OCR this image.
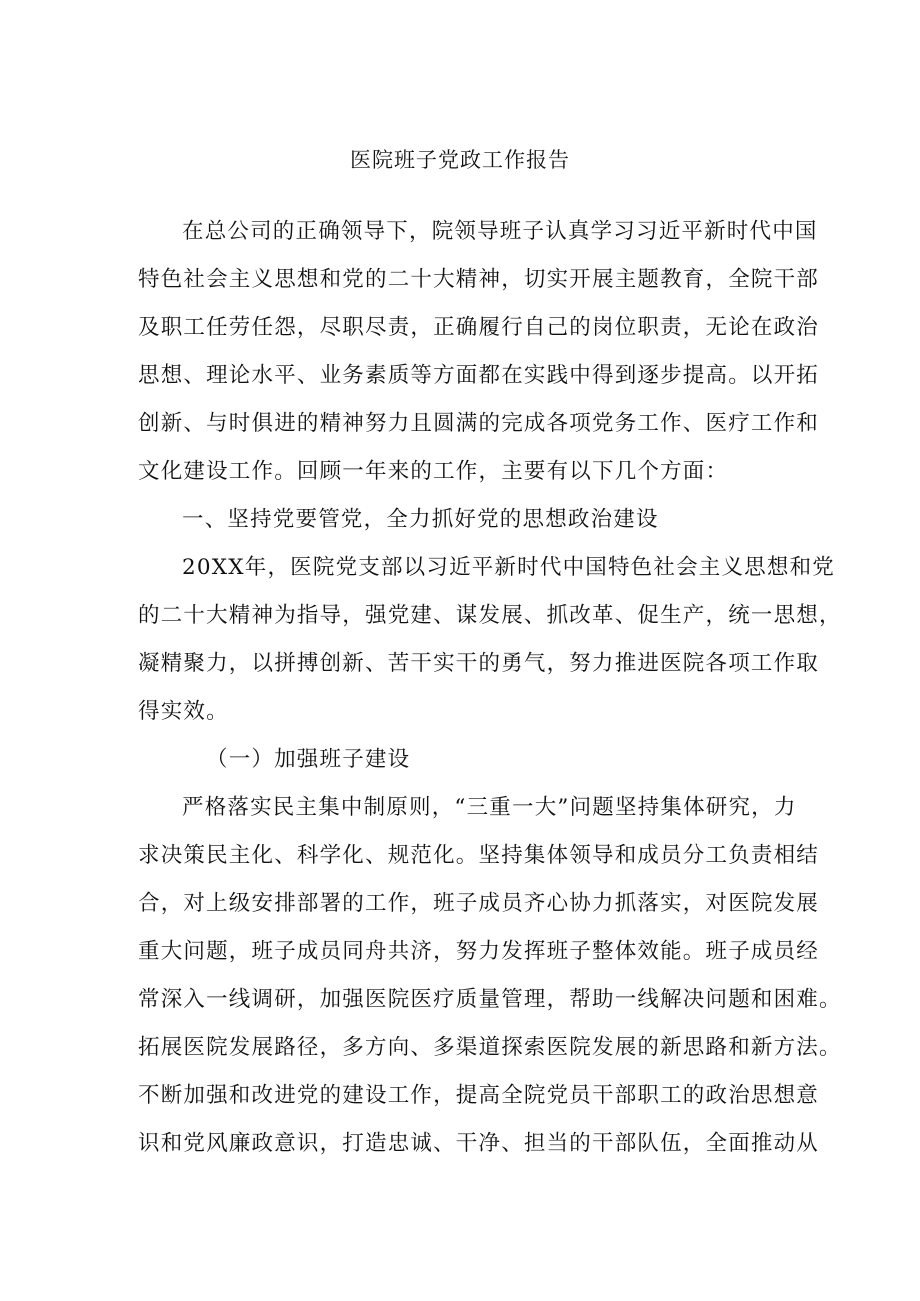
医院班子党政工作报告
在总公司的正确领导下，院领导班子认真学习习近平新时代中国
特色社会主义思想和党的二十大精神，切实开展主题教育，全院干部
及职工任劳任怨，尽职尽责，正确履行自己的岗位职责，无论在政治
思想、理论水平、业务素质等方面都在实践中得到逐步提高。以开拓
创新、与时俱进的精神努力且圆满的完成各项党务工作、医疗工作和
文化建设工作。回顾一年来的工作，主要有以下几个方面：
一、坚持党要管党，全力抓好党的思想政治建设
20XX年，医院党支部以习近平新时代中国特色社会主义思想和党
的二十大精神为指导，强党建、谋发展、抓改革、促生产，统一思想，
凝精聚力，以拼搏创新、苦干实干的勇气，努力推进医院各项工作取
得实效。
（一）加强班子建设
严格落实民主集中制原则，“三重一大”问题坚持集体研究，力
求决策民主化、科学化、规范化。坚持集体领导和成员分工负责相结
合，对上级安排部署的工作，班子成员齐心协力抓落实，对医院发展
重大问题，班子成员同舟共济，努力发挥班子整体效能。班子成员经
常深入一线调研，加强医院医疗质量管理，帮助一线解决问题和困难。
拓展医院发展路径，多方向、多渠道探索医院发展的新思路和新方法。
不断加强和改进党的建设工作，提高全院党员干部职工的政治思想意
识和党风廉政意识，打造忠诚、干净、担当的干部队伍，全面推动从
